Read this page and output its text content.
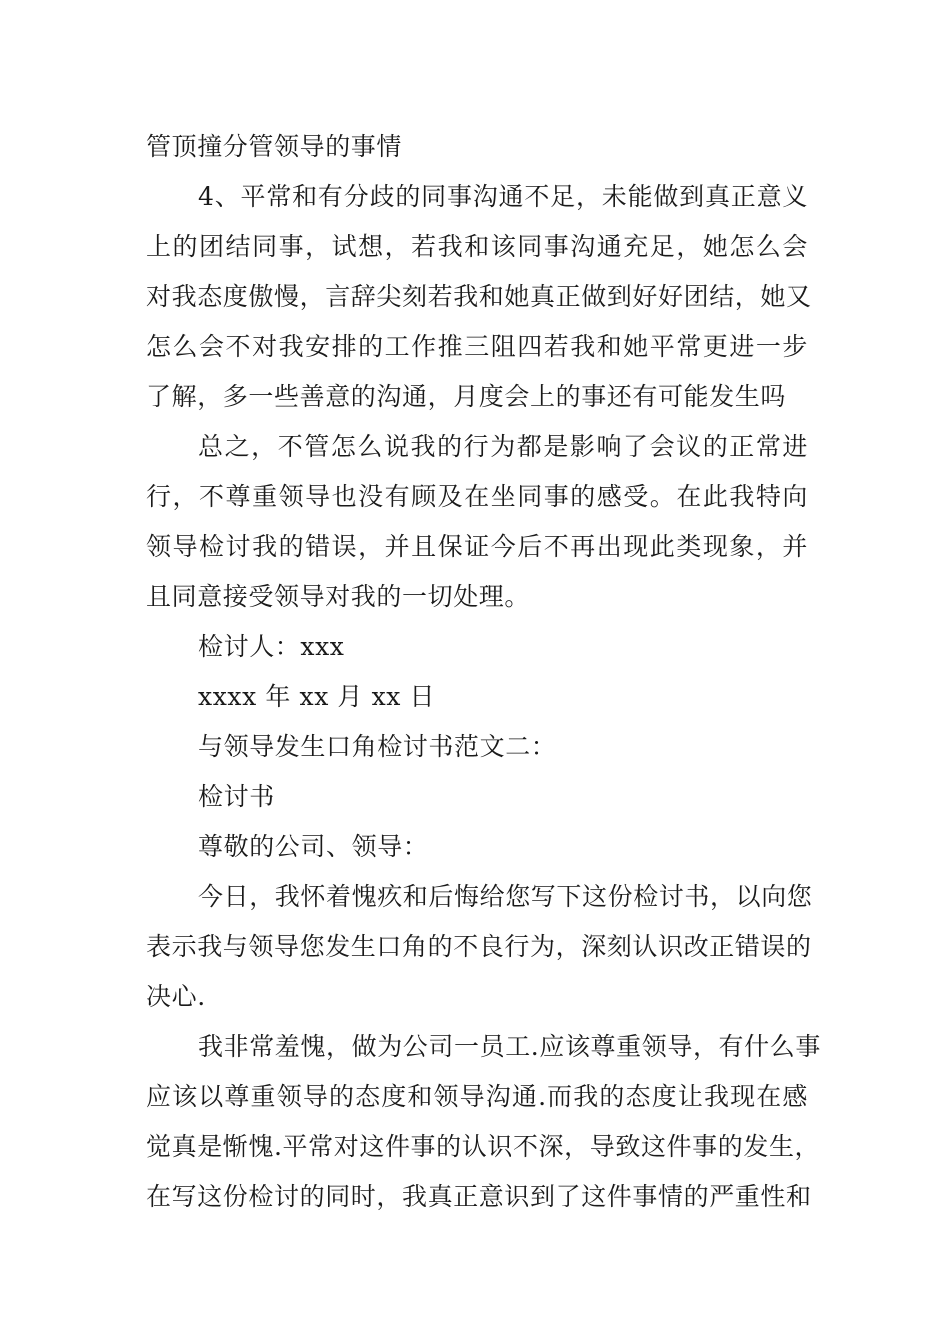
管顶撞分管领导的事情
4、平常和有分歧的同事沟通不足，未能做到真正意义
上的团结同事，试想，若我和该同事沟通充足，她怎么会
对我态度傲慢，言辞尖刻若我和她真正做到好好团结，她又
怎么会不对我安排的工作推三阻四若我和她平常更进一步
了解，多一些善意的沟通，月度会上的事还有可能发生吗
总之，不管怎么说我的行为都是影响了会议的正常进
行，不尊重领导也没有顾及在坐同事的感受。在此我特向
领导检讨我的错误，并且保证今后不再出现此类现象，并
且同意接受领导对我的一切处理。
检讨人：xxx
xxxx 年 xx 月 xx 日
与领导发生口角检讨书范文二：
检讨书
尊敬的公司、领导：
今日，我怀着愧疚和后悔给您写下这份检讨书，以向您
表示我与领导您发生口角的不良行为，深刻认识改正错误的
决心.
我非常羞愧，做为公司一员工.应该尊重领导，有什么事
应该以尊重领导的态度和领导沟通.而我的态度让我现在感
觉真是惭愧.平常对这件事的认识不深，导致这件事的发生，
在写这份检讨的同时，我真正意识到了这件事情的严重性和
